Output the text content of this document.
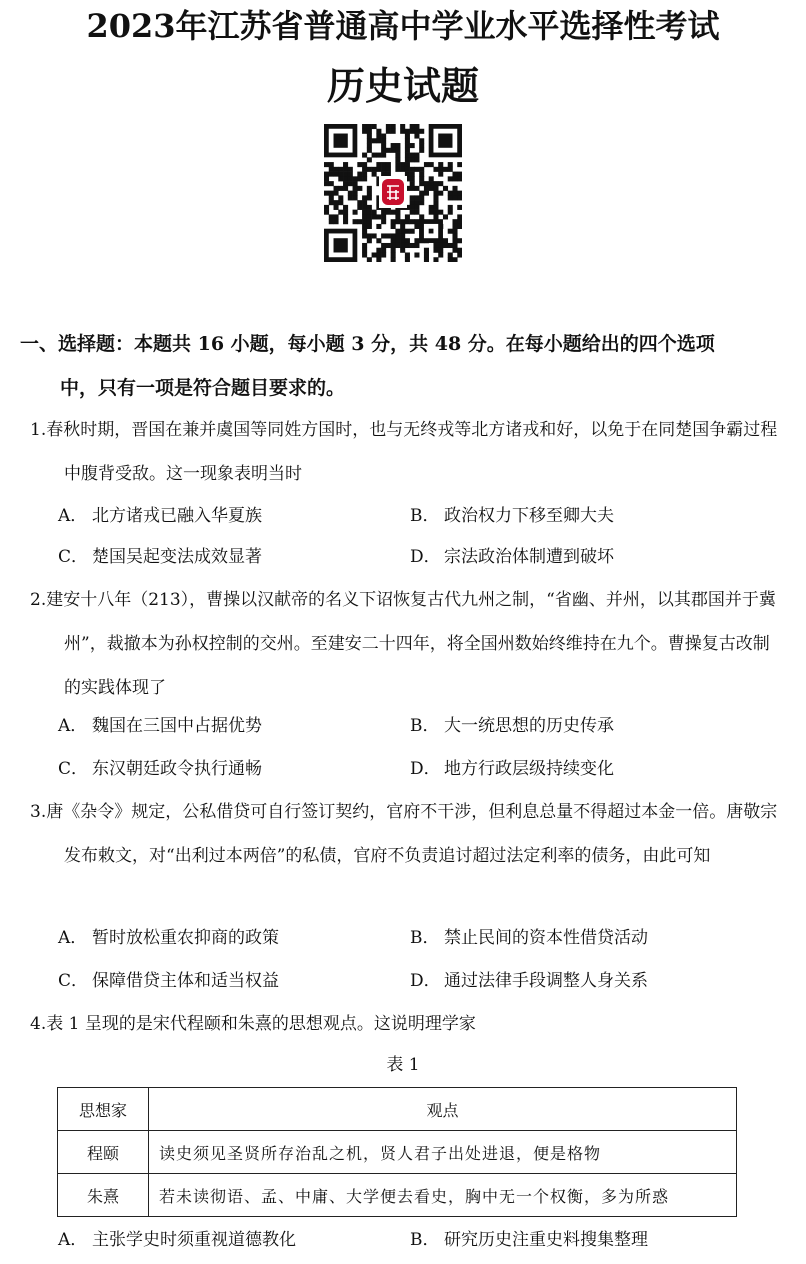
2023年江苏省普通高中学业水平选择性考试
历史试题
一、选择题：本题共 16 小题，每小题 3 分，共 48 分。在每小题给出的四个选项
中，只有一项是符合题目要求的。
1.春秋时期，晋国在兼并虞国等同姓方国时，也与无终戎等北方诸戎和好，以免于在同楚国争霸过程中腹背受敌。这一现象表明当时
A． 北方诸戎已融入华夏族	B． 政治权力下移至卿大夫
C． 楚国吴起变法成效显著	D． 宗法政治体制遭到破坏
2.建安十八年（213），曹操以汉献帝的名义下诏恢复古代九州之制，“省幽、并州，以其郡国并于冀州”，裁撤本为孙权控制的交州。至建安二十四年，将全国州数始终维持在九个。曹操复古改制的实践体现了
A． 魏国在三国中占据优势	B． 大一统思想的历史传承
C． 东汉朝廷政令执行通畅	D． 地方行政层级持续变化
3.唐《杂令》规定，公私借贷可自行签订契约，官府不干涉，但利息总量不得超过本金一倍。唐敬宗发布敕文，对“出利过本两倍”的私债，官府不负责追讨超过法定利率的债务，由此可知
A． 暂时放松重农抑商的政策	B． 禁止民间的资本性借贷活动
C． 保障借贷主体和适当权益	D． 通过法律手段调整人身关系
4.表 1 呈现的是宋代程颐和朱熹的思想观点。这说明理学家
表 1
思想家	观点
程颐	读史须见圣贤所存治乱之机，贤人君子出处进退，便是格物
朱熹	若未读彻语、孟、中庸、大学便去看史，胸中无一个权衡，多为所惑
A． 主张学史时须重视道德教化	B． 研究历史注重史料搜集整理
